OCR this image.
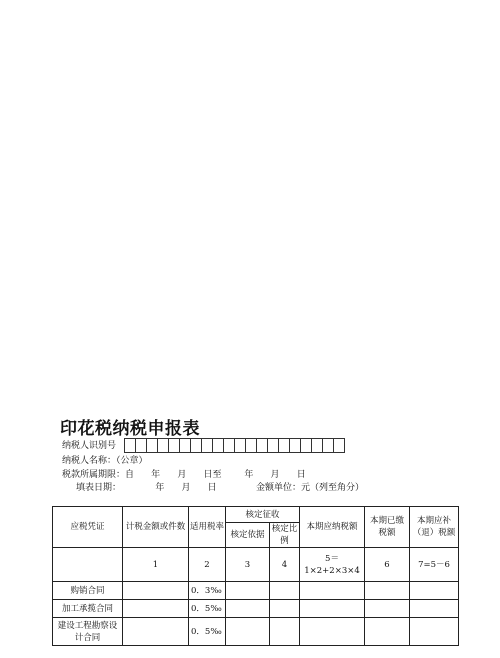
印花税纳税申报表
纳税人识别号
纳税人名称：（公章）
税款所属期限：自      年      月      日至        年      月      日
填表日期：            年      月      日	金额单位：元（列至角分）
应税凭证	计税金额或件数	适用税率	核定征收		本期应纳税额	本期已缴税额	本期应补（退）税额
			核定依据	核定比例			
	1	2	3	4	5＝1×2+2×3×4	6	7=5－6
购销合同		0．3‰					
加工承揽合同		0．5‰					
建设工程勘察设计合同		0．5‰					
